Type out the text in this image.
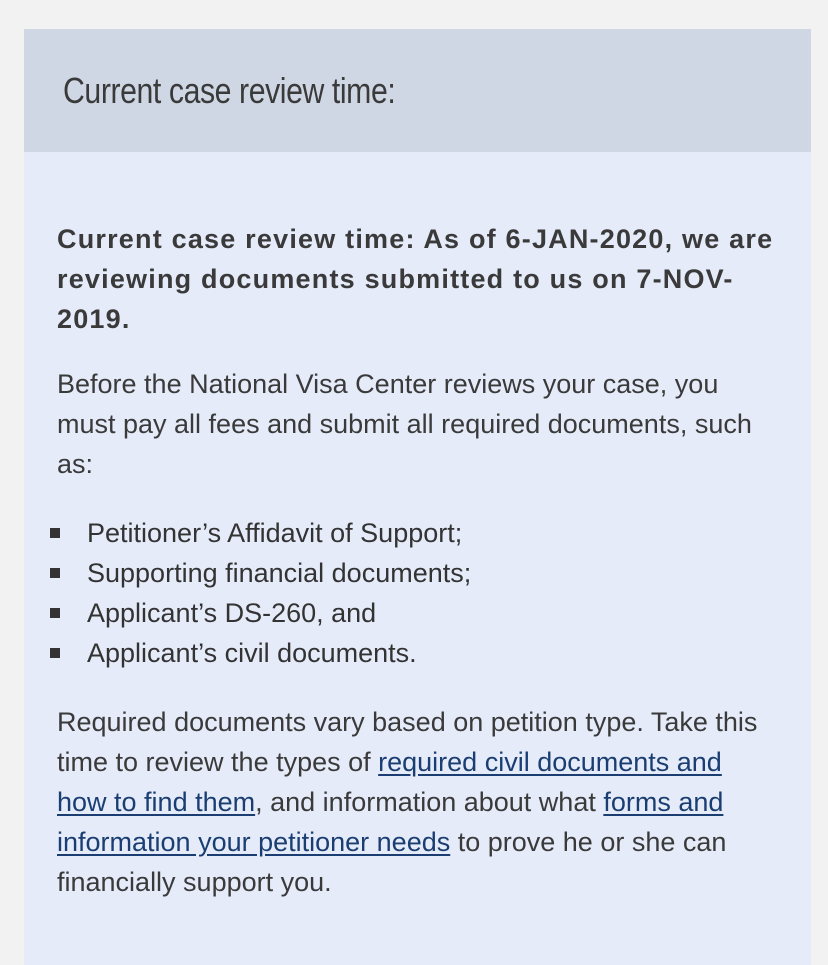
Current case review time:

Current case review time: As of 6-JAN-2020, we are reviewing documents submitted to us on 7-NOV-2019.

Before the National Visa Center reviews your case, you must pay all fees and submit all required documents, such as:

Petitioner’s Affidavit of Support;
Supporting financial documents;
Applicant’s DS-260, and
Applicant’s civil documents.

Required documents vary based on petition type. Take this time to review the types of required civil documents and how to find them, and information about what forms and information your petitioner needs to prove he or she can financially support you.
